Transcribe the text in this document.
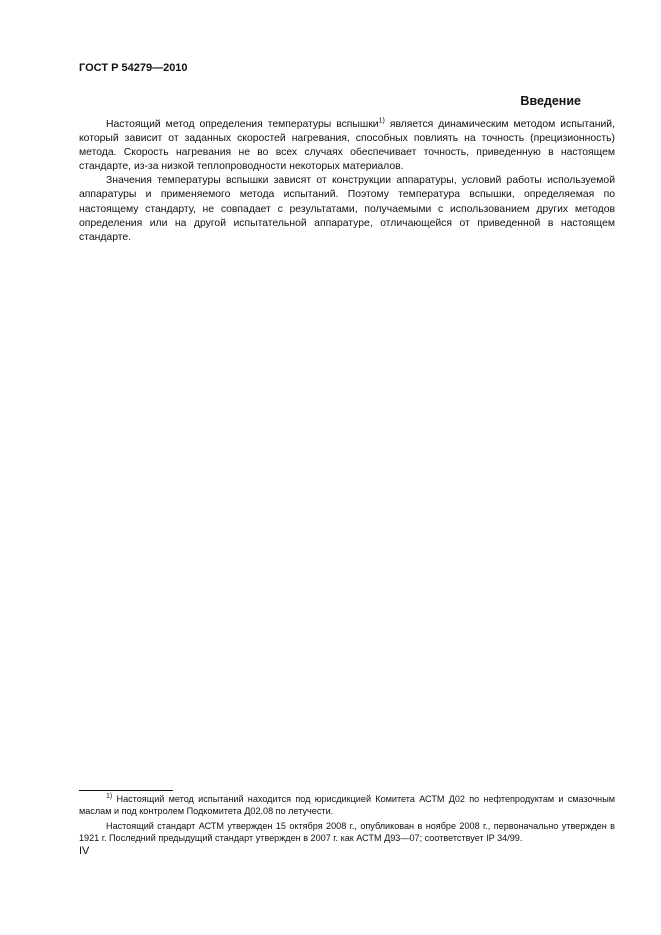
ГОСТ Р 54279—2010
Введение

Настоящий метод определения температуры вспышки$^{1)}$ является динамическим методом испытаний, который зависит от заданных скоростей нагревания, способных повлиять на точность (прецизионность) метода. Скорость нагревания не во всех случаях обеспечивает точность, приведенную в настоящем стандарте, из-за низкой теплопроводности некоторых материалов.

Значения температуры вспышки зависят от конструкции аппаратуры, условий работы используемой аппаратуры и применяемого метода испытаний. Поэтому температура вспышки, определяемая по настоящему стандарту, не совпадает с результатами, получаемыми с использованием других методов определения или на другой испытательной аппаратуре, отличающейся от приведенной в настоящем стандарте.

$^{1)}$ Настоящий метод испытаний находится под юрисдикцией Комитета АСТМ Д02 по нефтепродуктам и смазочным маслам и под контролем Подкомитета Д02.08 по летучести.

Настоящий стандарт АСТМ утвержден 15 октября 2008 г., опубликован в ноябре 2008 г., первоначально утвержден в 1921 г. Последний предыдущий стандарт утвержден в 2007 г. как АСТМ Д93—07; соответствует IP 34/99.

IV
